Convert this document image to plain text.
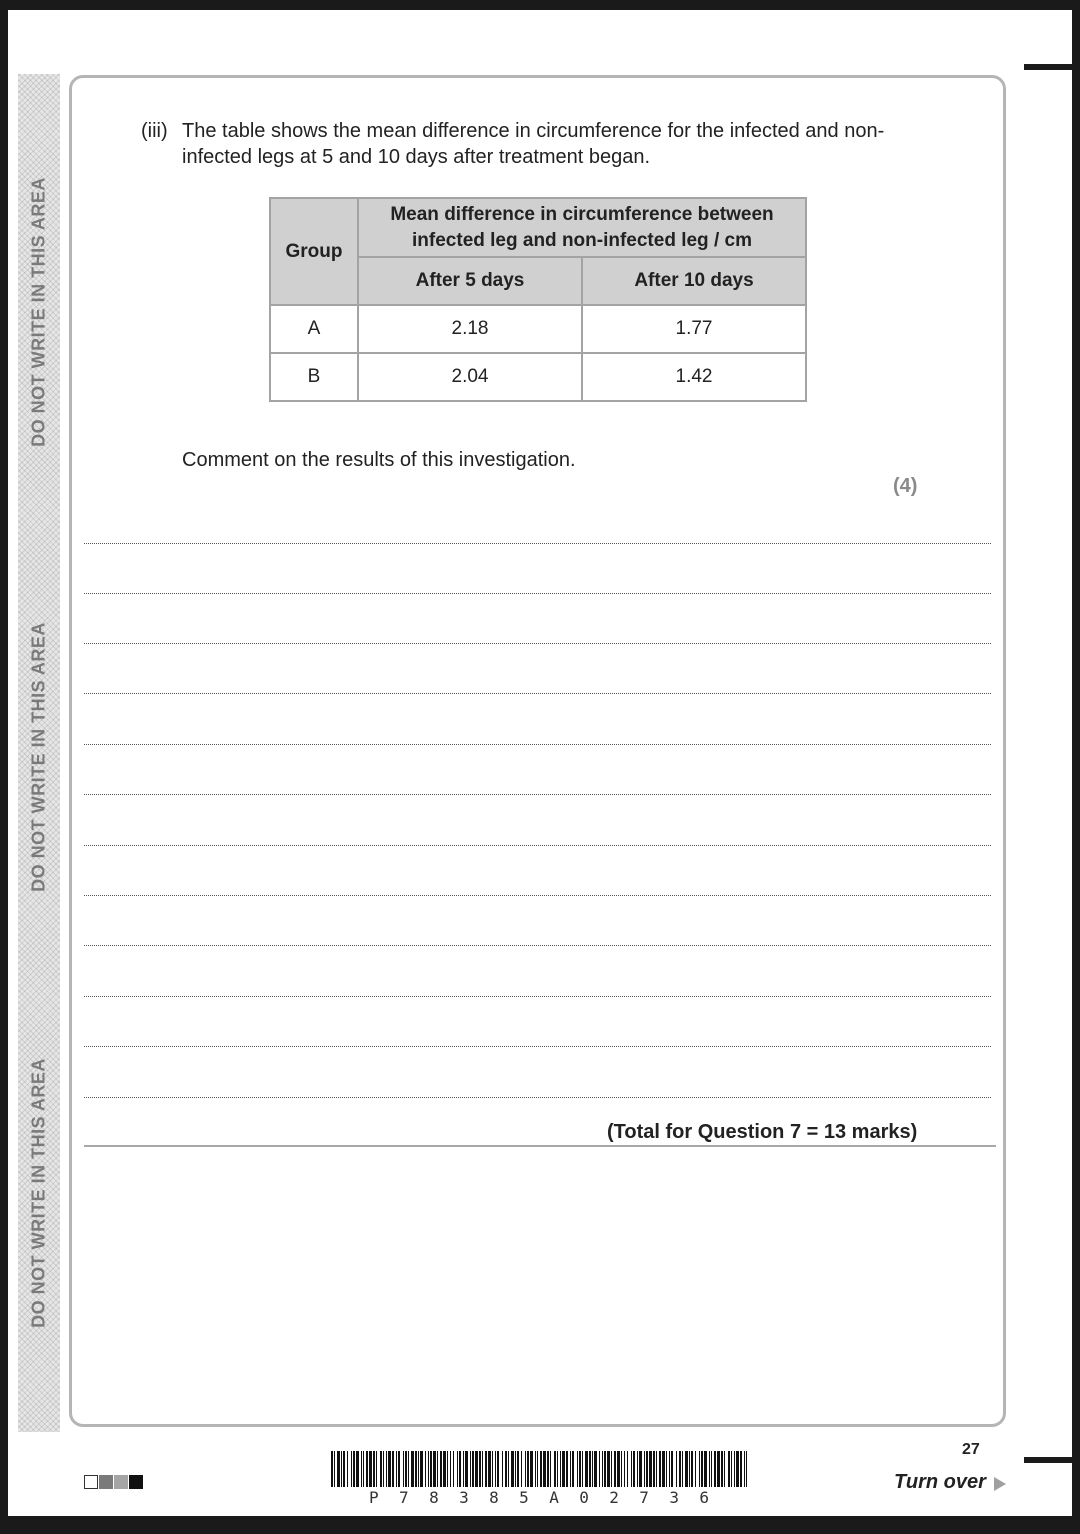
DO NOT WRITE IN THIS AREA
DO NOT WRITE IN THIS AREA
DO NOT WRITE IN THIS AREA
(iii) The table shows the mean difference in circumference for the infected and non-infected legs at 5 and 10 days after treatment began.
Group	Mean difference in circumference between infected leg and non-infected leg / cm	
	After 5 days	After 10 days
A	2.18	1.77
B	2.04	1.42
Comment on the results of this investigation.
(4)
(Total for Question 7 = 13 marks)
P 7 8 3 8 5 A 0 2 7 3 6
27
Turn over
